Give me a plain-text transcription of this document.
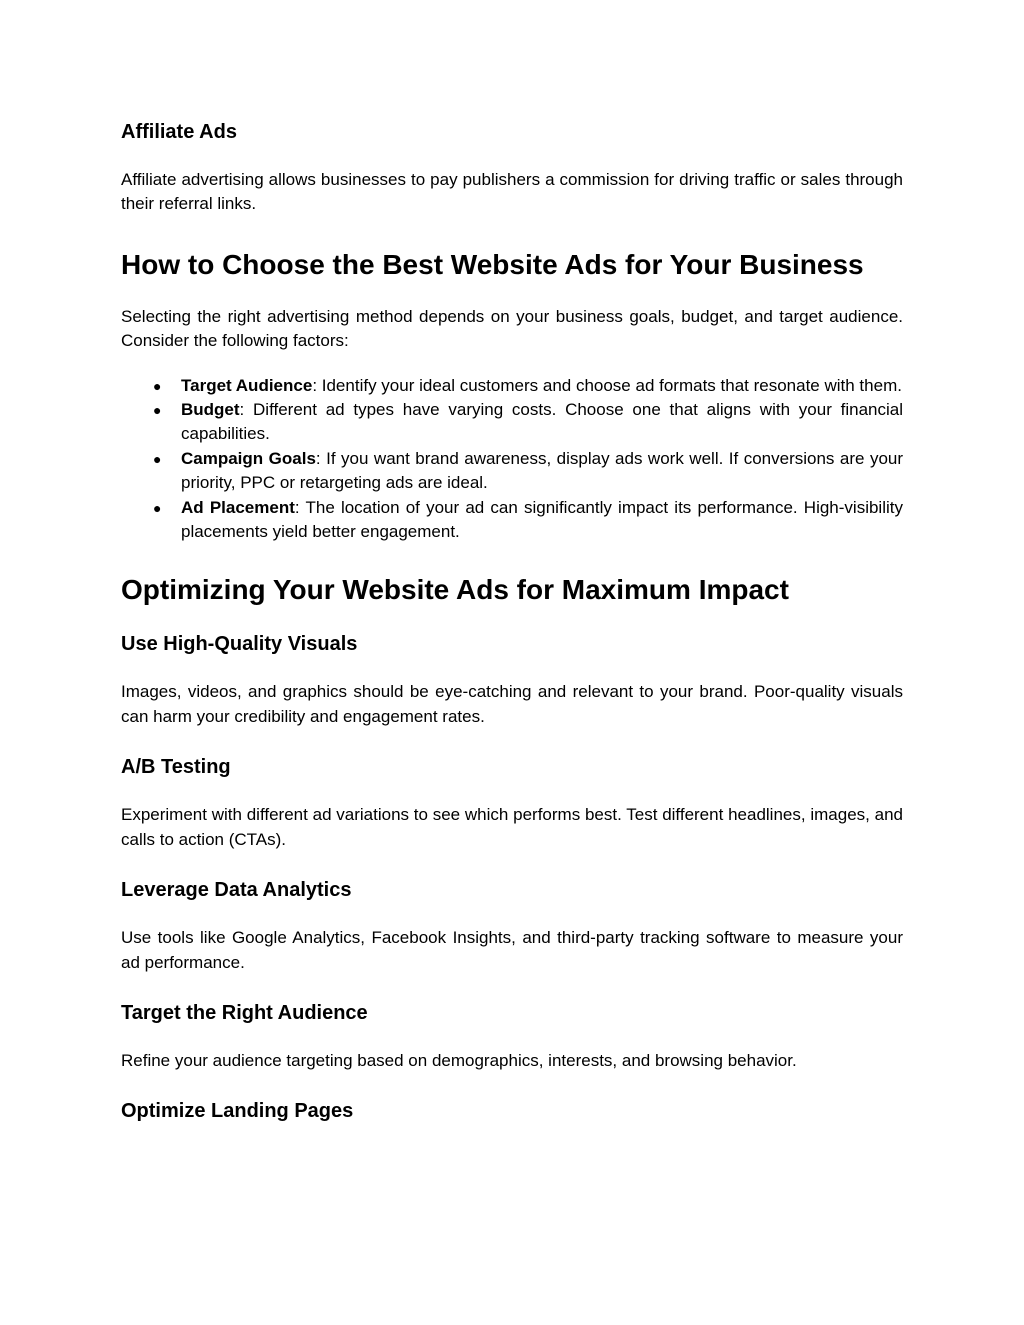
Affiliate Ads

Affiliate advertising allows businesses to pay publishers a commission for driving traffic or sales through their referral links.

How to Choose the Best Website Ads for Your Business

Selecting the right advertising method depends on your business goals, budget, and target audience. Consider the following factors:

● Target Audience: Identify your ideal customers and choose ad formats that resonate with them.
● Budget: Different ad types have varying costs. Choose one that aligns with your financial capabilities.
● Campaign Goals: If you want brand awareness, display ads work well. If conversions are your priority, PPC or retargeting ads are ideal.
● Ad Placement: The location of your ad can significantly impact its performance. High-visibility placements yield better engagement.
Optimizing Your Website Ads for Maximum Impact
Use High-Quality Visuals

Images, videos, and graphics should be eye-catching and relevant to your brand. Poor-quality visuals can harm your credibility and engagement rates.

A/B Testing

Experiment with different ad variations to see which performs best. Test different headlines, images, and calls to action (CTAs).

Leverage Data Analytics

Use tools like Google Analytics, Facebook Insights, and third-party tracking software to measure your ad performance.

Target the Right Audience

Refine your audience targeting based on demographics, interests, and browsing behavior.

Optimize Landing Pages
